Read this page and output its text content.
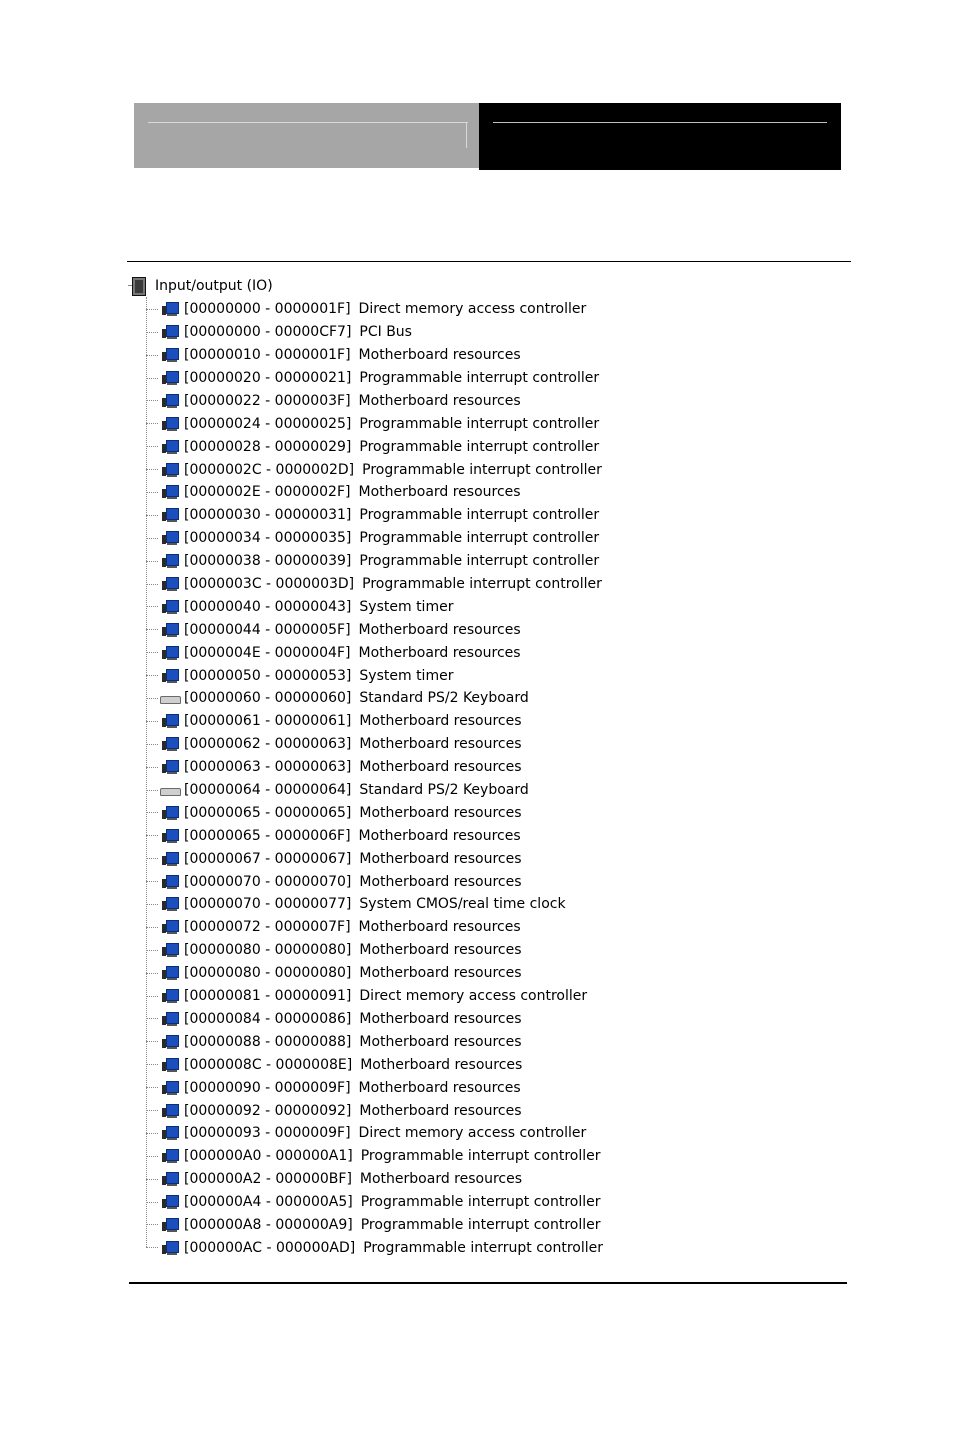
Input/output (IO)
[00000000 - 0000001F] Direct memory access controller
[00000000 - 00000CF7] PCI Bus
[00000010 - 0000001F] Motherboard resources
[00000020 - 00000021] Programmable interrupt controller
[00000022 - 0000003F] Motherboard resources
[00000024 - 00000025] Programmable interrupt controller
[00000028 - 00000029] Programmable interrupt controller
[0000002C - 0000002D] Programmable interrupt controller
[0000002E - 0000002F] Motherboard resources
[00000030 - 00000031] Programmable interrupt controller
[00000034 - 00000035] Programmable interrupt controller
[00000038 - 00000039] Programmable interrupt controller
[0000003C - 0000003D] Programmable interrupt controller
[00000040 - 00000043] System timer
[00000044 - 0000005F] Motherboard resources
[0000004E - 0000004F] Motherboard resources
[00000050 - 00000053] System timer
[00000060 - 00000060] Standard PS/2 Keyboard
[00000061 - 00000061] Motherboard resources
[00000062 - 00000063] Motherboard resources
[00000063 - 00000063] Motherboard resources
[00000064 - 00000064] Standard PS/2 Keyboard
[00000065 - 00000065] Motherboard resources
[00000065 - 0000006F] Motherboard resources
[00000067 - 00000067] Motherboard resources
[00000070 - 00000070] Motherboard resources
[00000070 - 00000077] System CMOS/real time clock
[00000072 - 0000007F] Motherboard resources
[00000080 - 00000080] Motherboard resources
[00000080 - 00000080] Motherboard resources
[00000081 - 00000091] Direct memory access controller
[00000084 - 00000086] Motherboard resources
[00000088 - 00000088] Motherboard resources
[0000008C - 0000008E] Motherboard resources
[00000090 - 0000009F] Motherboard resources
[00000092 - 00000092] Motherboard resources
[00000093 - 0000009F] Direct memory access controller
[000000A0 - 000000A1] Programmable interrupt controller
[000000A2 - 000000BF] Motherboard resources
[000000A4 - 000000A5] Programmable interrupt controller
[000000A8 - 000000A9] Programmable interrupt controller
[000000AC - 000000AD] Programmable interrupt controller
